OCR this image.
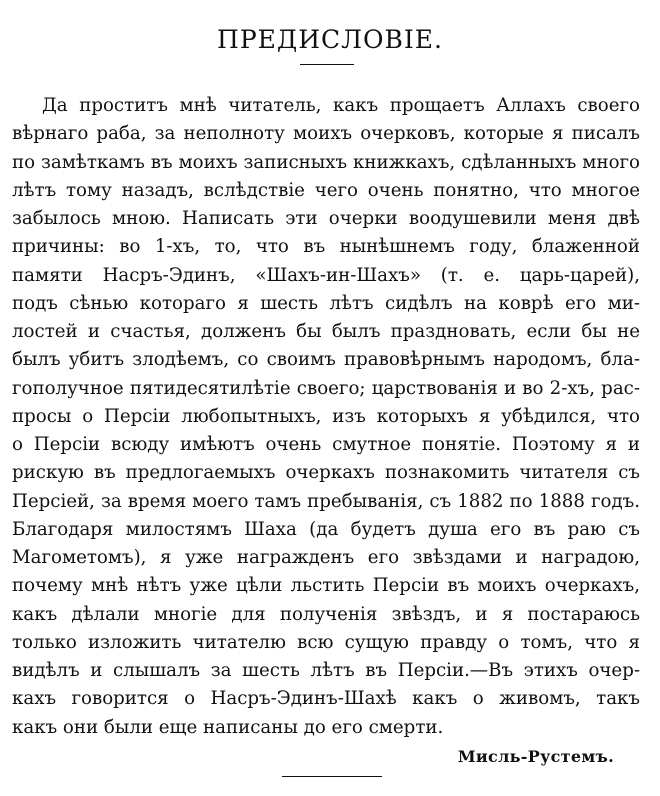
ПРЕДИСЛОВІЕ.
Да проститъ мнѣ читатель, какъ прощаетъ Аллахъ своего
вѣрнаго раба, за неполноту моихъ очерковъ, которые я писалъ
по замѣткамъ въ моихъ записныхъ книжкахъ, сдѣланныхъ много
лѣтъ тому назадъ, вслѣдствіе чего очень понятно, что многое
забылось мною. Написать эти очерки воодушевили меня двѣ
причины: во 1-хъ, то, что въ нынѣшнемъ году, блаженной
памяти Насръ-Эдинъ, «Шахъ-ин-Шахъ» (т. е. царь-царей),
подъ сѣнью котораго я шесть лѣтъ сидѣлъ на коврѣ его ми-
лостей и счастья, долженъ бы былъ праздновать, если бы не
былъ убитъ злодѣемъ, со своимъ правовѣрнымъ народомъ, бла-
гополучное пятидесятилѣтіе своего; царствованія и во 2-хъ, рас-
просы о Персіи любопытныхъ, изъ которыхъ я убѣдился, что
о Персіи всюду имѣютъ очень смутное понятіе. Поэтому я и
рискую въ предлогаемыхъ очеркахъ познакомить читателя съ
Персіей, за время моего тамъ пребыванія, съ 1882 по 1888 годъ.
Благодаря милостямъ Шаха (да будетъ душа его въ раю съ
Магометомъ), я уже награжденъ его звѣздами и наградою,
почему мнѣ нѣтъ уже цѣли льстить Персіи въ моихъ очеркахъ,
какъ дѣлали многіе для полученія звѣздъ, и я постараюсь
только изложить читателю всю сущую правду о томъ, что я
видѣлъ и слышалъ за шесть лѣтъ въ Персіи.—Въ этихъ очер-
кахъ говорится о Насръ-Эдинъ-Шахѣ какъ о живомъ, такъ
какъ они были еще написаны до его смерти.
Мисль-Рустемъ.
